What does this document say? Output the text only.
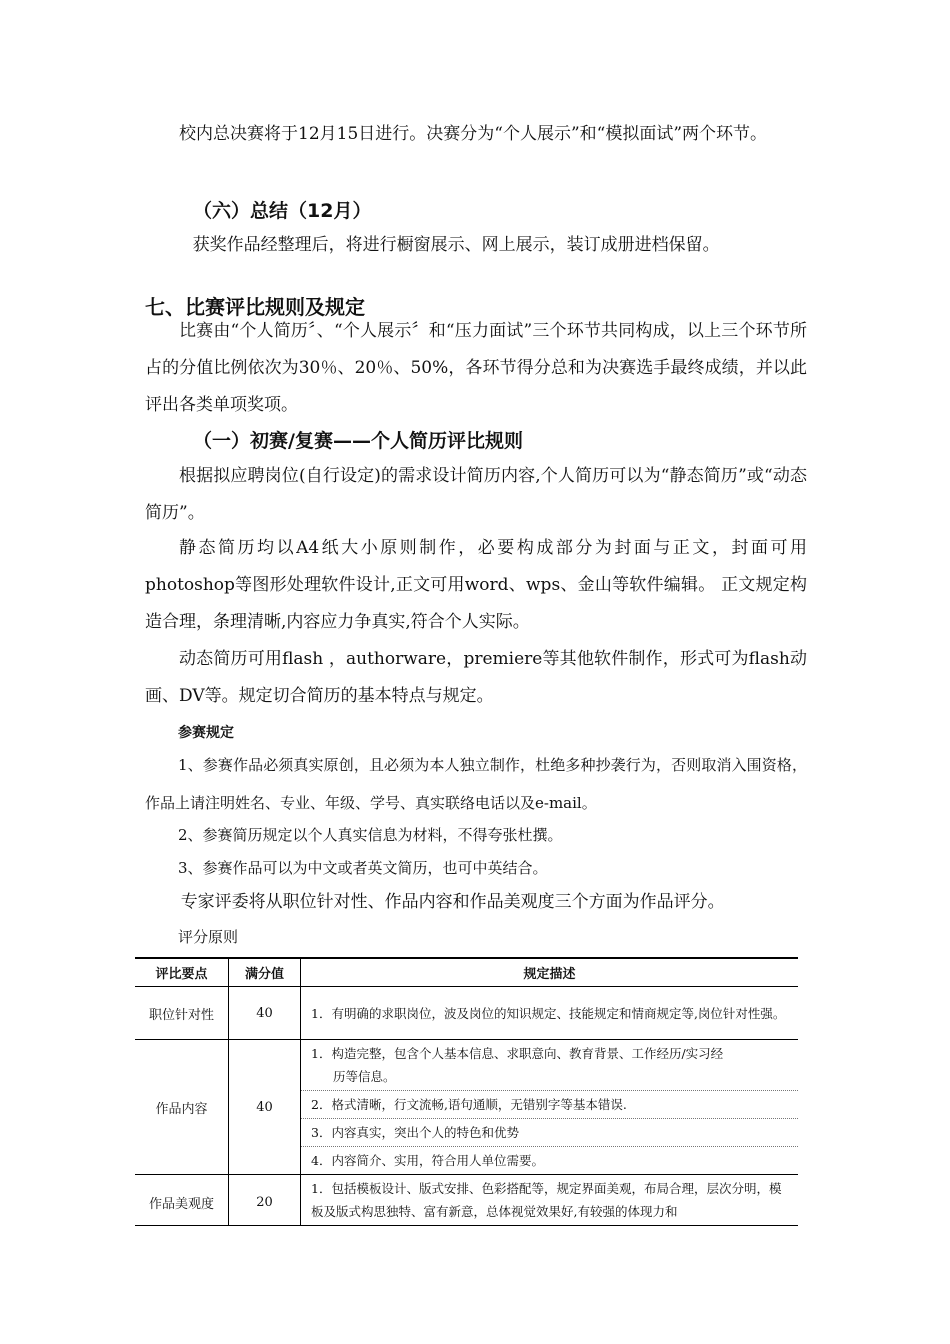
校内总决赛将于12月15日进行。决赛分为“个人展示”和“模拟面试”两个环节。

（六）总结（12月）

获奖作品经整理后，将进行橱窗展示、网上展示，装订成册进档保留。

七、比赛评比规则及规定

比赛由“个人简历〞、“个人展示〞和“压力面试”三个环节共同构成，以上三个环节所占的分值比例依次为30％、20％、50%，各环节得分总和为决赛选手最终成绩，并以此评出各类单项奖项。

（一）初赛/复赛——个人简历评比规则

根据拟应聘岗位(自行设定)的需求设计简历内容,个人简历可以为“静态简历”或“动态简历”。

静态简历均以A4纸大小原则制作，必要构成部分为封面与正文，封面可用photoshop等图形处理软件设计,正文可用word、wps、金山等软件编辑。 正文规定构造合理，条理清晰,内容应力争真实,符合个人实际。

动态简历可用flash ，authorware，premiere等其他软件制作，形式可为flash动画、DV等。规定切合简历的基本特点与规定。

参赛规定

1、参赛作品必须真实原创，且必须为本人独立制作，杜绝多种抄袭行为，否则取消入围资格，作品上请注明姓名、专业、年级、学号、真实联络电话以及e-mail。

2、参赛简历规定以个人真实信息为材料，不得夸张杜撰。

3、参赛作品可以为中文或者英文简历，也可中英结合。

专家评委将从职位针对性、作品内容和作品美观度三个方面为作品评分。

评分原则

评比要点	满分值	规定描述
职位针对性	40	1．有明确的求职岗位，波及岗位的知识规定、技能规定和情商规定等,岗位针对性强。

作品内容	40	1．构造完整，包含个人基本信息、求职意向、教育背景、工作经历/实习经
历等信息。
2．格式清晰，行文流畅,语句通顺，无错别字等基本错误.
3．内容真实，突出个人的特色和优势
4．内容简介、实用，符合用人单位需要。

作品美观度	20	1．包括模板设计、版式安排、色彩搭配等，规定界面美观，布局合理，层次分明，模板及版式构思独特、富有新意，总体视觉效果好,有较强的体现力和
